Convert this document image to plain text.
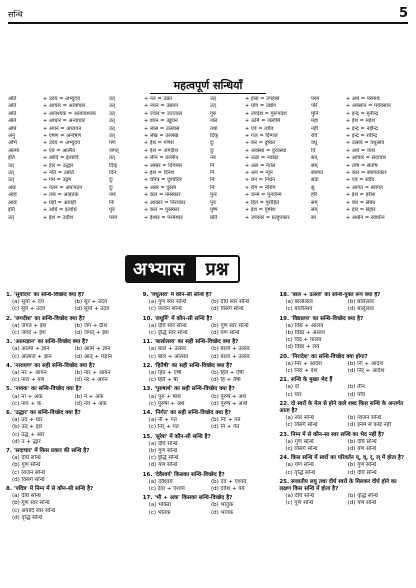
सन्धि	5
महत्वपूर्ण सन्धियाँ
अति	+ उदय = अभ्युदय
अति	+ आचार = अत्याचार
अति	+ आवश्यक = अत्यावश्यक
अति	+ आधार = अन्याधार
अधि	+ अयन = अध्ययन
अनु	+ एषण = अन्वेषण
अभि	+ उदय = अभ्युदय
आत्मा	+ एव = आत्मैव
इति	+ आदि = इत्यादि
उत्	+ हार = उद्धार
उत्	+ नति = उन्नति
उत्	+ गम = उद्गम
अधः	+ पतन = अधःपतन
आहः	+ तक = आहतक
आवः	+ यहाँ = आवहाँ
इति	+ अधि = इत्यधि
उत्	+ ईश = उदीश
उत्	+ नत = उन्नत
उत्	+ नयन = उन्नयन
उत्	+ ज्वल = उज्ज्वल
उत्	+ डयन = उड्डयन
उत्	+ लास = उल्लास
उत्	+ लेख = उल्लेख
गण	+ ईश = गणेश
जगत्	+ ईश = जगदीश
तत्	+ लीन = तल्लीन
दिक्	+ अम्बर = दिगम्बर
दिन	+ ईश = दिनेश
दुः	+ चरित्र = दुश्चरित्र
दुः	+ अस्त्र = दुरस्त्र
नमः	+ कार = नमस्कार
निः	+ आकार = निराकार
पुरः	+ कार = पुरस्कार
परम	+ ईश्वर = परमेश्वर
उत्	+ हास = उपहास
उत्	+ योग = उद्योग
गुरु	+ उपदेश = गुरूपदेश
जल	+ ऊर्मि = जलोर्मि
तथा	+ एव = तथैव
दिक्	+ गज = दिग्गज
दुः	+ कर = दुष्कर
दुः	+ अवस्था = दुरवस्था
नव	+ ऊढा = नवोढा
नि	+ अल = न्याल
नि	+ अन = न्यून
निः	+ धन = निर्धन
निः	+ रोग = नीरोग
पुनः	+ जन्म = पुनर्जन्म
पुरः	+ हित = पुरोहित
पुष्प	+ ईश = पुष्पेश
प्रति	+ उपकार = प्रत्युपकार
परम	+ अर्थ = परमार्थ
परि	+ अवसान = पर्यवसान
मुनि	+ इन्द्र = मुनीन्द्र
महा	+ ईश = महेश
नहीं	+ इन्द्र = नहीन्द्र
रवि	+ इन्द्र = रवीन्द्र
वधू	+ उत्सव = वधूत्सव
वि	+ अर्थ = व्यर्थ
सत्	+ आचार = सदाचार
सम्	+ तोष = संतोष
स्वागत	+ कार = स्वागतकार
सदा	+ एव = सदैव
सु	+ आगत = स्वागत
हरि	+ ईश = हरीश
सम्	+ बंध = संबंध
सम्	+ हार = संहार
स्व	+ अधीन = स्वाधीन
अभ्यास	प्रश्न
1. 'सूर्योदय' का सन्धि-विच्छेद क्या है?
(a) सूर्यो + दय	(b) सूर + उदय
(c) सूर्य + उदय	(d) सूर्या + उदय
2. 'जगदीश' का सन्धि-विच्छेद क्या है?
(a) जगत + ईश	(b) जग + दीश
(c) जगद + ईश	(d) जगत् + ईश
3. 'आत्मज्ञान' का सन्धि-विच्छेद क्या है?
(a) आत्मा + ज्ञान	(b) आत्म + ज्ञान
(c) आत्मज + ज्ञान	(d) आत् + मज्ञान
4. 'नारायण' का सही सन्धि-विच्छेद क्या है?
(a) नर + आयन	(b) नार + आयन
(c) नारा + यण	(d) नर + अयन
5. 'नायक' का सन्धि-विच्छेद क्या है?
(a) ना + अक	(b) नै + अक
(c) नाय + क	(d) नय + अक
6. 'उद्धार' का सन्धि-विच्छेद क्या है?
(a) उद + धार
(b) उत् + हार
(c) उद्ध + आर
(d) उ + द्धार
7. 'सदाचार' में किस प्रकार की सन्धि है?
(a) दीर्घ सन्धि
(b) गुण सन्धि
(c) व्यंजन सन्धि
(d) विसर्ग सन्धि
8. 'पवित्र' में निम्न में से कौन-सी सन्धि है?
(a) दीर्घ सन्धि
(b) गुण स्वर सन्धि
(c) अयादि स्वर सन्धि
(d) वृद्धि सन्धि
9. 'वधूत्सव' में कौन-सी सन्धि है?
(a) गुण स्वर सन्धि	(b) दीर्घ स्वर सन्धि
(c) व्यंजन सन्धि	(d) विसर्ग सन्धि
10. 'लघूर्मि' में कौन-सी सन्धि है?
(a) दीर्घ स्वर सन्धि	(b) गुण स्वर सन्धि
(c) वृद्धि स्वर सन्धि	(d) यण सन्धि
11. 'बालोत्सव' का सही सन्धि-विच्छेद क्या है?
(a) बाल + उत्सव	(b) बालो + उत्सव
(c) बाल + ओत्सव	(d) बाला + उत्सव
12. 'हितैषी' का सही सन्धि-विच्छेद क्या है?
(a) हित + एषी	(b) हित + ऐषी
(c) हितै + षी	(d) हि + तैषी
13. 'पुरुषार्थ' का सही सन्धि-विच्छेद क्या है?
(a) पुरु + षार्थ	(b) पुरुष + अर्थ
(c) पुरुषा + अर्थ	(d) पुरुष + आर्थ
14. 'निर्गत' का सही सन्धि-विच्छेद क्या है?
(a) नी + गत	(b) निः + गत
(c) निर् + गत	(d) नि + र्गत
15. 'सुरेश' में कौन-सी सन्धि है?
(a) दीर्घ सन्धि
(b) गुण सन्धि
(c) वृद्धि सन्धि
(d) यण सन्धि
16. 'देवैश्वर्य' किसका सन्धि-विच्छेद है?
(a) देवैश्वर्य	(b) देव + ऐश्वर्य
(c) देवा + ऐश्वर्य	(d) देवैश + वर्य
17. 'भौ + अक' किसका सन्धि-विच्छेद है?
(a) भोक्ता	(b) भावुक
(c) भौतक	(d) भावक
18. 'बाल + उत्सव' का सन्धि-युक्त रूप क्या है?
(a) बालोत्सव	(b) बालत्सव
(c) बालीत्सव	(d) बालूत्सव
19. 'विद्यालय' का सन्धि-विच्छेद क्या है?
(a) विद्य + आलय
(b) विद्या + आलय
(c) विद + यालय
(d) विद्या + लय
20. 'निरादेश' का सन्धि-विच्छेद क्या होगा?
(a) निर + आदेश	(b) निः + आदेश
(c) निरा + देश	(d) निर् + आदेश
21. सन्धि के मुख्य भेद हैं
(a) दो	(b) तीन
(c) चार	(d) पाँच
22. दो स्वरों के मेल से होने वाले शब्द किस सन्धि के अन्तर्गत आता है?
(a) स्वर सन्धि	(b) व्यंजन सन्धि
(c) विसर्ग सन्धि	(d) इनमें से कोई नहीं
23. निम्न में से कौन-सा स्वर सन्धि का भेद नहीं है?
(a) गुण सन्धि	(b) दीर्घ सन्धि
(c) विसर्ग सन्धि	(d) यण सन्धि
24. किस सन्धि में स्वरों का परिवर्तन य्, व्, र्, ल् में होता है?
(a) यण सन्धि	(b) गुण सन्धि
(c) वृद्धि सन्धि	(d) दीर्घ सन्धि
25. सजातीय लघु तथा दीर्घ स्वरों के मिलकर दीर्घ होने का लक्षण किस सन्धि में होता है?
(a) दीर्घ सन्धि	(b) वृद्धि सन्धि
(c) गुण सन्धि	(d) यण सन्धि
